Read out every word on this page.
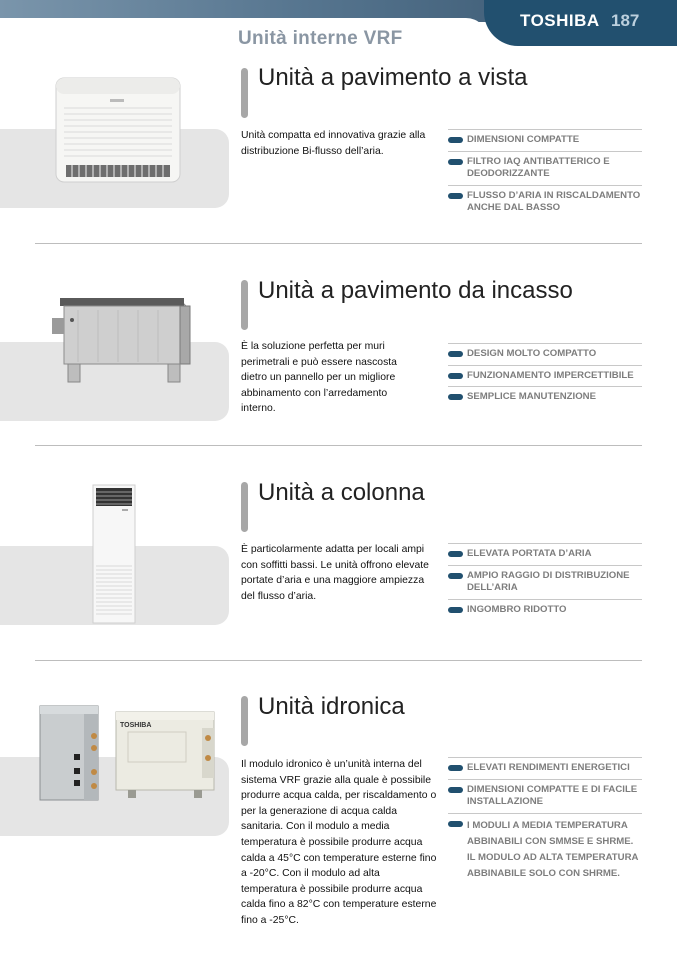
TOSHIBA 187
Unità interne VRF
Unità a pavimento a vista
Unità compatta ed innovativa grazie alla distribuzione Bi-flusso dell’aria.
DIMENSIONI COMPATTE
FILTRO IAQ ANTIBATTERICO E DEODORIZZANTE
FLUSSO D’ARIA IN RISCALDAMENTO ANCHE DAL BASSO
Unità a pavimento da incasso
È la soluzione perfetta per muri perimetrali e può essere nascosta dietro un pannello per un migliore abbinamento con l’arredamento interno.
DESIGN MOLTO COMPATTO
FUNZIONAMENTO IMPERCETTIBILE
SEMPLICE MANUTENZIONE
Unità a colonna
È particolarmente adatta per locali ampi con soffitti bassi. Le unità offrono elevate portate d’aria e una maggiore ampiezza del flusso d’aria.
ELEVATA PORTATA D’ARIA
AMPIO RAGGIO DI DISTRIBUZIONE DELL’ARIA
INGOMBRO RIDOTTO
TOSHIBA
Unità idronica
Il modulo idronico è un’unità interna del sistema VRF grazie alla quale è possibile produrre acqua calda, per riscaldamento o per la generazione di acqua calda sanitaria. Con il modulo a media temperatura è possibile produrre acqua calda a 45°C con temperature esterne fino a -20°C. Con il modulo ad alta temperatura è possibile produrre acqua calda fino a 82°C con temperature esterne fino a -25°C.
ELEVATI RENDIMENTI ENERGETICI
DIMENSIONI COMPATTE E DI FACILE INSTALLAZIONE
I MODULI A MEDIA TEMPERATURA ABBINABILI CON SMMSE E SHRME. IL MODULO AD ALTA TEMPERATURA ABBINABILE SOLO CON SHRME.
